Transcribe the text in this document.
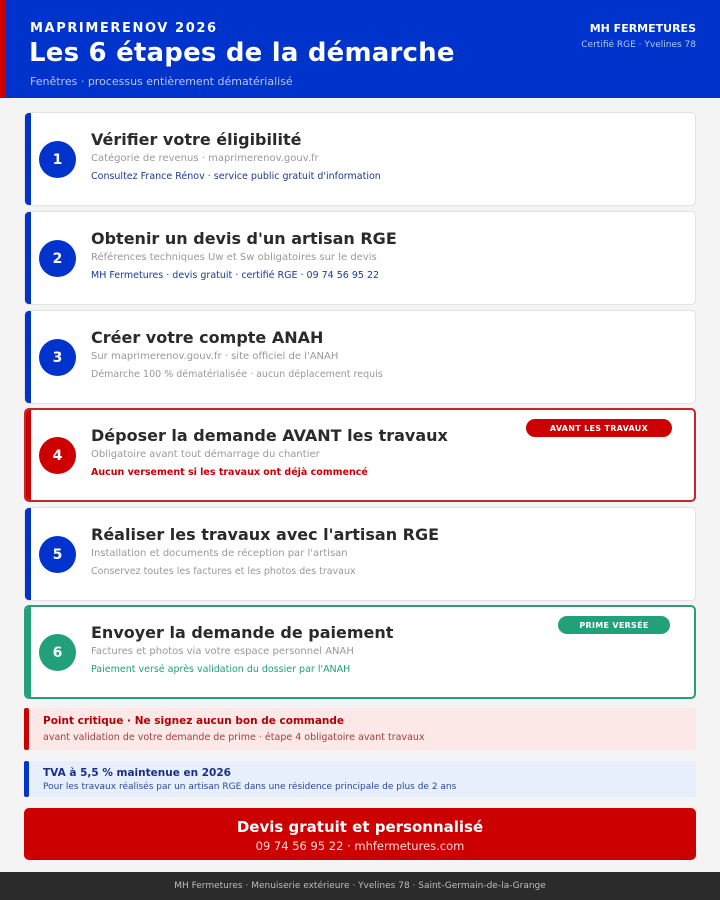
MAPRIMERENOV 2026
Les 6 étapes de la démarche
Fenêtres · processus entièrement dématérialisé
MH FERMETURES
Certifié RGE · Yvelines 78
1
Vérifier votre éligibilité
Catégorie de revenus · maprimerenov.gouv.fr
Consultez France Rénov · service public gratuit d'information
2
Obtenir un devis d'un artisan RGE
Références techniques Uw et Sw obligatoires sur le devis
MH Fermetures · devis gratuit · certifié RGE · 09 74 56 95 22
3
Créer votre compte ANAH
Sur maprimerenov.gouv.fr · site officiel de l'ANAH
Démarche 100 % dématérialisée · aucun déplacement requis
4
Déposer la demande AVANT les travaux
Obligatoire avant tout démarrage du chantier
Aucun versement si les travaux ont déjà commencé
AVANT LES TRAVAUX
5
Réaliser les travaux avec l'artisan RGE
Installation et documents de réception par l'artisan
Conservez toutes les factures et les photos des travaux
6
Envoyer la demande de paiement
Factures et photos via votre espace personnel ANAH
Paiement versé après validation du dossier par l'ANAH
PRIME VERSÉE
Point critique · Ne signez aucun bon de commande
avant validation de votre demande de prime · étape 4 obligatoire avant travaux
TVA à 5,5 % maintenue en 2026
Pour les travaux réalisés par un artisan RGE dans une résidence principale de plus de 2 ans
Devis gratuit et personnalisé
09 74 56 95 22 · mhfermetures.com
MH Fermetures · Menuiserie extérieure · Yvelines 78 · Saint-Germain-de-la-Grange
